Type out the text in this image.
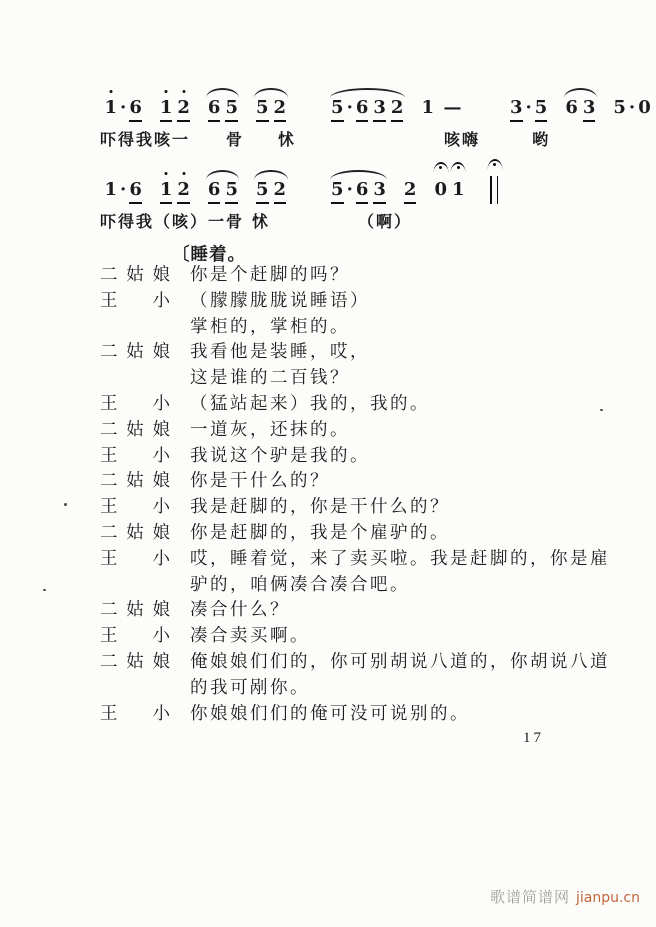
1 · 6 1 2 6 5 5 2	5 · 6 3 2 1 —	3 · 5 6 3 5 · 0
吓得我咳一 骨 怵	咳嗨	哟
1 · 6 1 2 6 5 5 2	5 · 6 3 2 0 1
吓得我（咳）一骨 怵	（啊）
〔睡着。
二姑娘 你是个赶脚的吗？
王小 （朦朦胧胧说睡语）
掌柜的，掌柜的。
二姑娘 我看他是装睡，哎，
这是谁的二百钱？
王小 （猛站起来）我的，我的。
二姑娘 一道灰，还抹的。
王小 我说这个驴是我的。
二姑娘 你是干什么的？
王小 我是赶脚的，你是干什么的？
二姑娘 你是赶脚的，我是个雇驴的。
王小 哎，睡着觉，来了卖买啦。我是赶脚的，你是雇
驴的，咱俩凑合凑合吧。
二姑娘 凑合什么？
王小 凑合卖买啊。
二姑娘 俺娘娘们们的，你可别胡说八道的，你胡说八道
的我可剐你。
王小 你娘娘们们的俺可没可说别的。
17
歌谱简谱网 jianpu.cn
